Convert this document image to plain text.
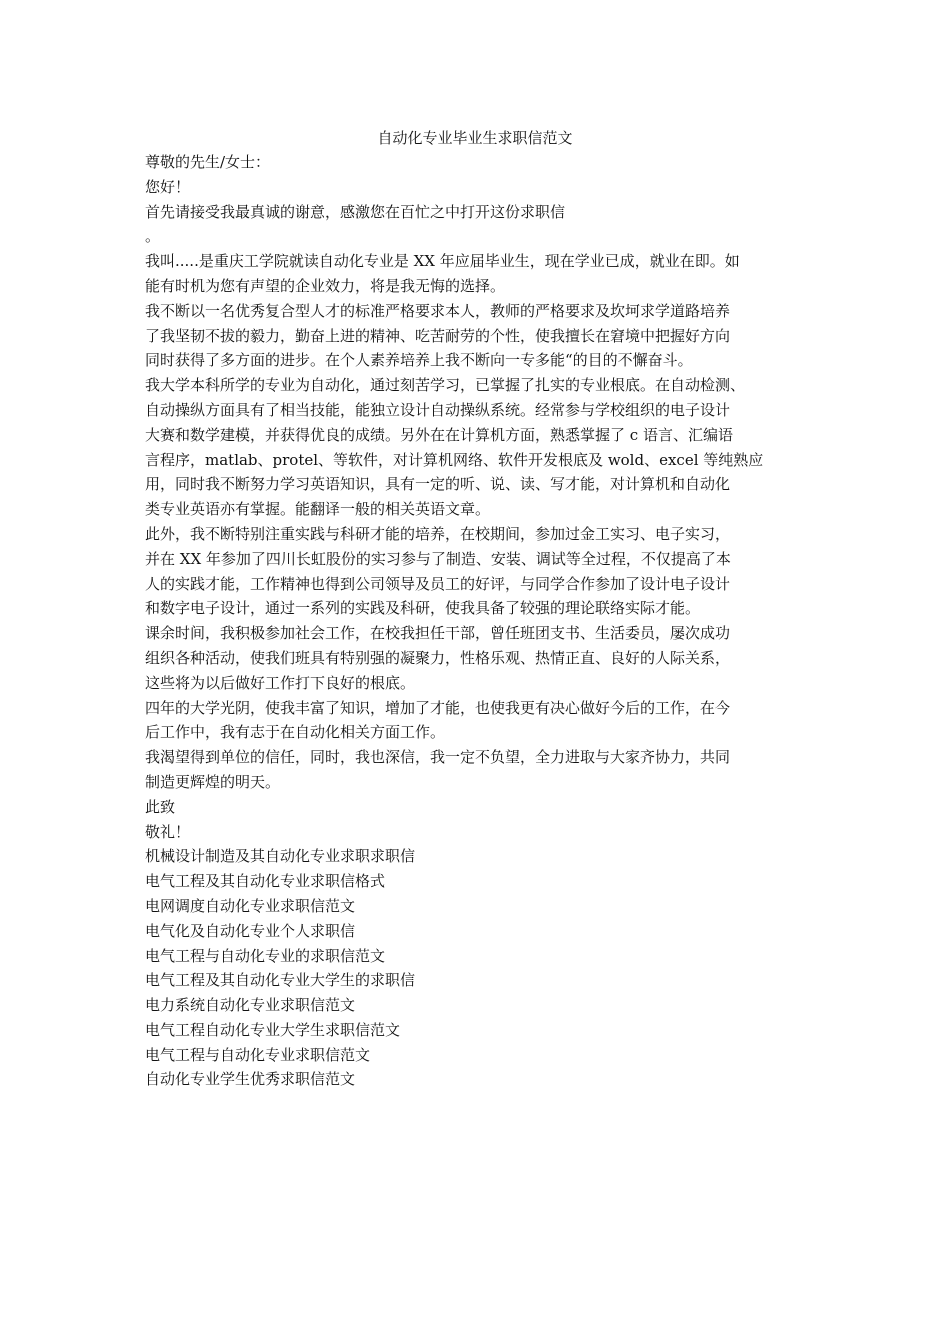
自动化专业毕业生求职信范文
尊敬的先生/女士：
您好！
首先请接受我最真诚的谢意，感激您在百忙之中打开这份求职信
。
我叫.....是重庆工学院就读自动化专业是 XX 年应届毕业生，现在学业已成，就业在即。如
能有时机为您有声望的企业效力，将是我无悔的选择。
我不断以一名优秀复合型人才的标准严格要求本人，教师的严格要求及坎坷求学道路培养
了我坚韧不拔的毅力，勤奋上进的精神、吃苦耐劳的个性，使我擅长在窘境中把握好方向
同时获得了多方面的进步。在个人素养培养上我不断向一专多能“的目的不懈奋斗。
我大学本科所学的专业为自动化，通过刻苦学习，已掌握了扎实的专业根底。在自动检测、
自动操纵方面具有了相当技能，能独立设计自动操纵系统。经常参与学校组织的电子设计
大赛和数学建模，并获得优良的成绩。另外在在计算机方面，熟悉掌握了 c 语言、汇编语
言程序，matlab、protel、等软件，对计算机网络、软件开发根底及 wold、excel 等纯熟应
用，同时我不断努力学习英语知识，具有一定的听、说、读、写才能，对计算机和自动化
类专业英语亦有掌握。能翻译一般的相关英语文章。
此外，我不断特别注重实践与科研才能的培养，在校期间，参加过金工实习、电子实习，
并在 XX 年参加了四川长虹股份的实习参与了制造、安装、调试等全过程，不仅提高了本
人的实践才能，工作精神也得到公司领导及员工的好评，与同学合作参加了设计电子设计
和数字电子设计，通过一系列的实践及科研，使我具备了较强的理论联络实际才能。
课余时间，我积极参加社会工作，在校我担任干部，曾任班团支书、生活委员，屡次成功
组织各种活动，使我们班具有特别强的凝聚力，性格乐观、热情正直、良好的人际关系，
这些将为以后做好工作打下良好的根底。
四年的大学光阴，使我丰富了知识，增加了才能，也使我更有决心做好今后的工作，在今
后工作中，我有志于在自动化相关方面工作。
我渴望得到单位的信任，同时，我也深信，我一定不负望，全力进取与大家齐协力，共同
制造更辉煌的明天。
此致
敬礼！
机械设计制造及其自动化专业求职求职信
电气工程及其自动化专业求职信格式
电网调度自动化专业求职信范文
电气化及自动化专业个人求职信
电气工程与自动化专业的求职信范文
电气工程及其自动化专业大学生的求职信
电力系统自动化专业求职信范文
电气工程自动化专业大学生求职信范文
电气工程与自动化专业求职信范文
自动化专业学生优秀求职信范文
